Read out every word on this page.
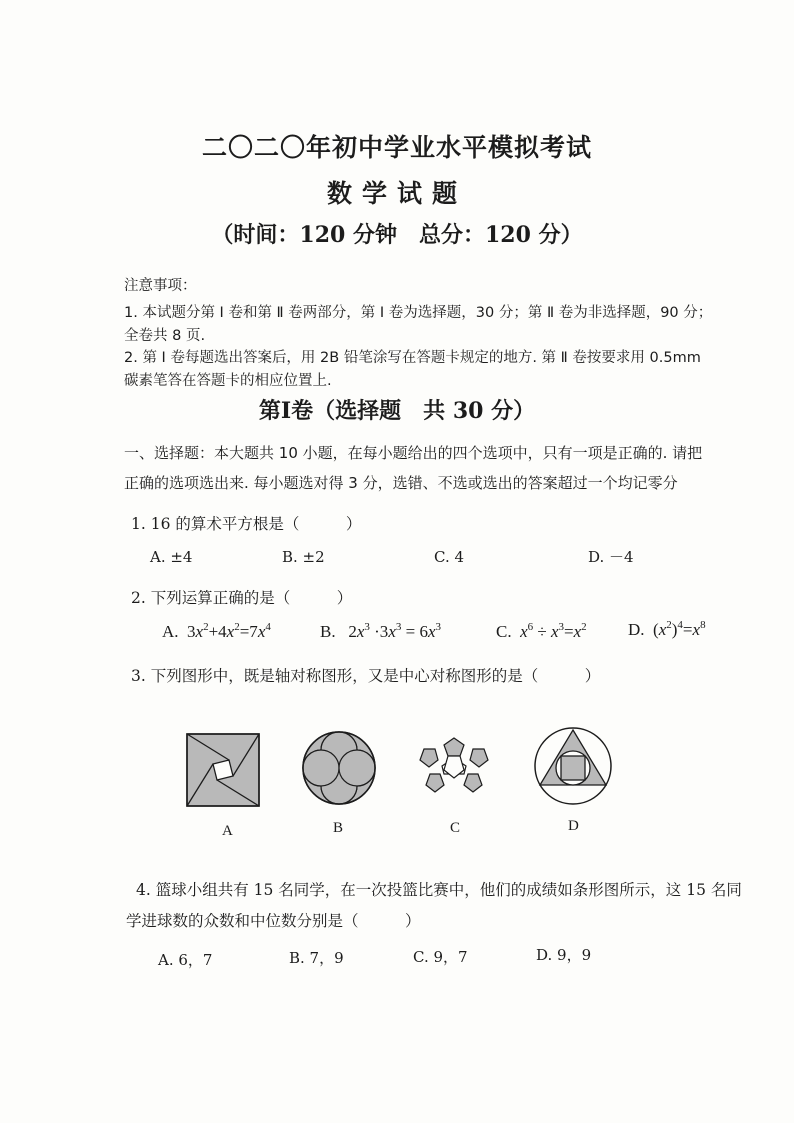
二〇二〇年初中学业水平模拟考试
数学试题
（时间：120 分钟　总分：120 分）
注意事项：
1. 本试题分第 Ⅰ 卷和第 Ⅱ 卷两部分，第 Ⅰ 卷为选择题，30 分；第 Ⅱ 卷为非选择题，90 分；
全卷共 8 页.
2. 第 Ⅰ 卷每题选出答案后，用 2B 铅笔涂写在答题卡规定的地方. 第 Ⅱ 卷按要求用 0.5mm
碳素笔答在答题卡的相应位置上.
第Ⅰ卷（选择题　共 30 分）
一、选择题：本大题共 10 小题，在每小题给出的四个选项中，只有一项是正确的. 请把
正确的选项选出来. 每小题选对得 3 分，选错、不选或选出的答案超过一个均记零分
1. 16 的算术平方根是（　　　）
A. ±4	B. ±2	C. 4	D. －4
2. 下列运算正确的是（　　　）
A.  $3x^2+4x^2=7x^4$	B.   $2x^3 \cdot 3x^3 = 6x^3$	C.  $x^6 \div x^3=x^2$ D.  $(x^2)^4=x^8$
3. 下列图形中，既是轴对称图形，又是中心对称图形的是（　　　）
A	B	C	D
4. 篮球小组共有 15 名同学，在一次投篮比赛中，他们的成绩如条形图所示，这 15 名同
学进球数的众数和中位数分别是（　　　）
A. 6，7	B. 7，9	C. 9，7	D. 9，9
